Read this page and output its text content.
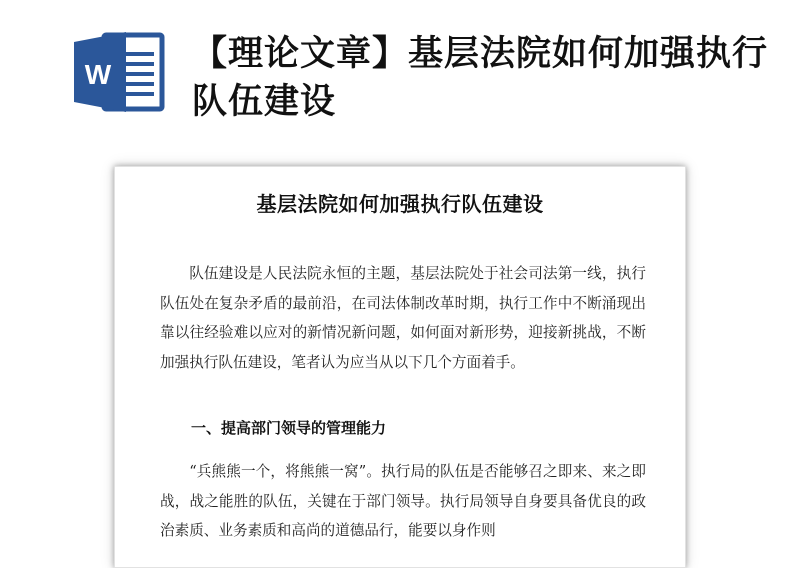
W
【理论文章】基层法院如何加强执行队伍建设
基层法院如何加强执行队伍建设

队伍建设是人民法院永恒的主题，基层法院处于社会司法第一线，执行队伍处在复杂矛盾的最前沿，在司法体制改革时期，执行工作中不断涌现出靠以往经验难以应对的新情况新问题，如何面对新形势，迎接新挑战，不断加强执行队伍建设，笔者认为应当从以下几个方面着手。

一、提高部门领导的管理能力

“兵熊熊一个，将熊熊一窝”。执行局的队伍是否能够召之即来、来之即战，战之能胜的队伍，关键在于部门领导。执行局领导自身要具备优良的政治素质、业务素质和高尚的道德品行，能要以身作则
